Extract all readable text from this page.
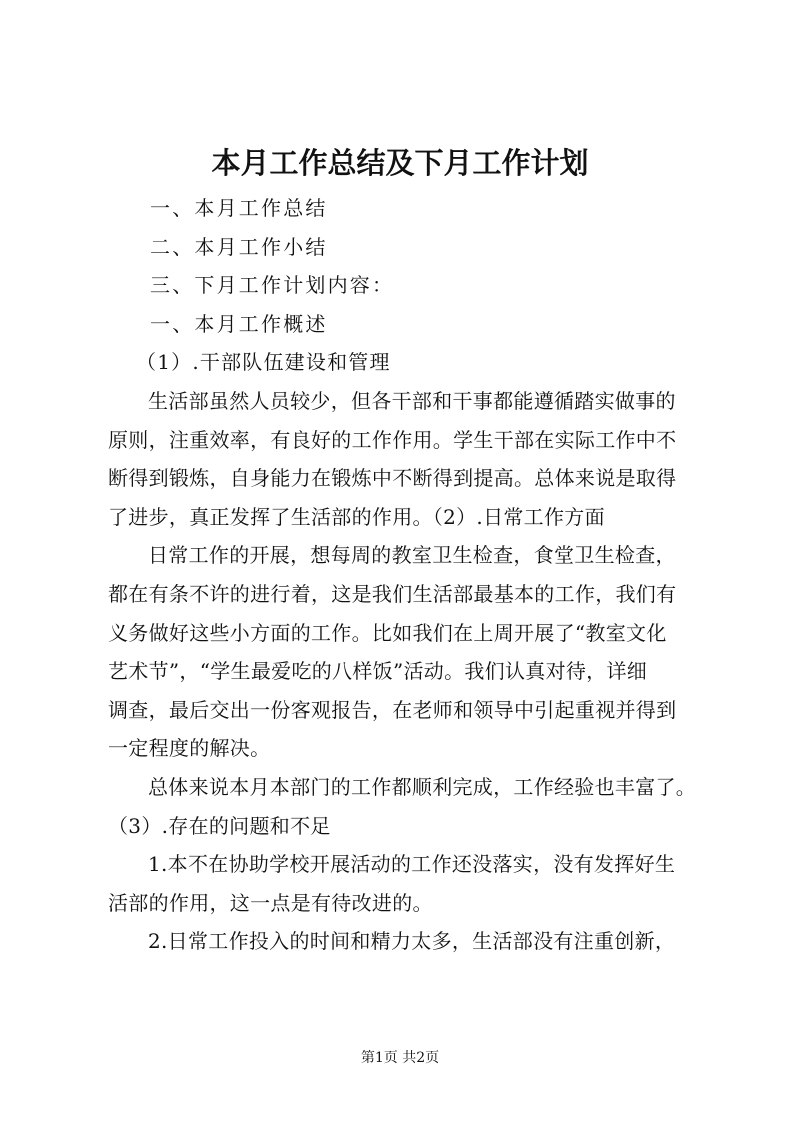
本月工作总结及下月工作计划
一、本月工作总结
二、本月工作小结
三、下月工作计划内容：
一、本月工作概述
（1）.干部队伍建设和管理
生活部虽然人员较少，但各干部和干事都能遵循踏实做事的
原则，注重效率，有良好的工作作用。学生干部在实际工作中不
断得到锻炼，自身能力在锻炼中不断得到提高。总体来说是取得
了进步，真正发挥了生活部的作用。（2）.日常工作方面
日常工作的开展，想每周的教室卫生检查，食堂卫生检查，
都在有条不许的进行着，这是我们生活部最基本的工作，我们有
义务做好这些小方面的工作。比如我们在上周开展了“教室文化
艺术节”，“学生最爱吃的八样饭”活动。我们认真对待，详细
调查，最后交出一份客观报告，在老师和领导中引起重视并得到
一定程度的解决。
总体来说本月本部门的工作都顺利完成，工作经验也丰富了。
（3）.存在的问题和不足
1.本不在协助学校开展活动的工作还没落实，没有发挥好生
活部的作用，这一点是有待改进的。
2.日常工作投入的时间和精力太多，生活部没有注重创新，
第1页 共2页
